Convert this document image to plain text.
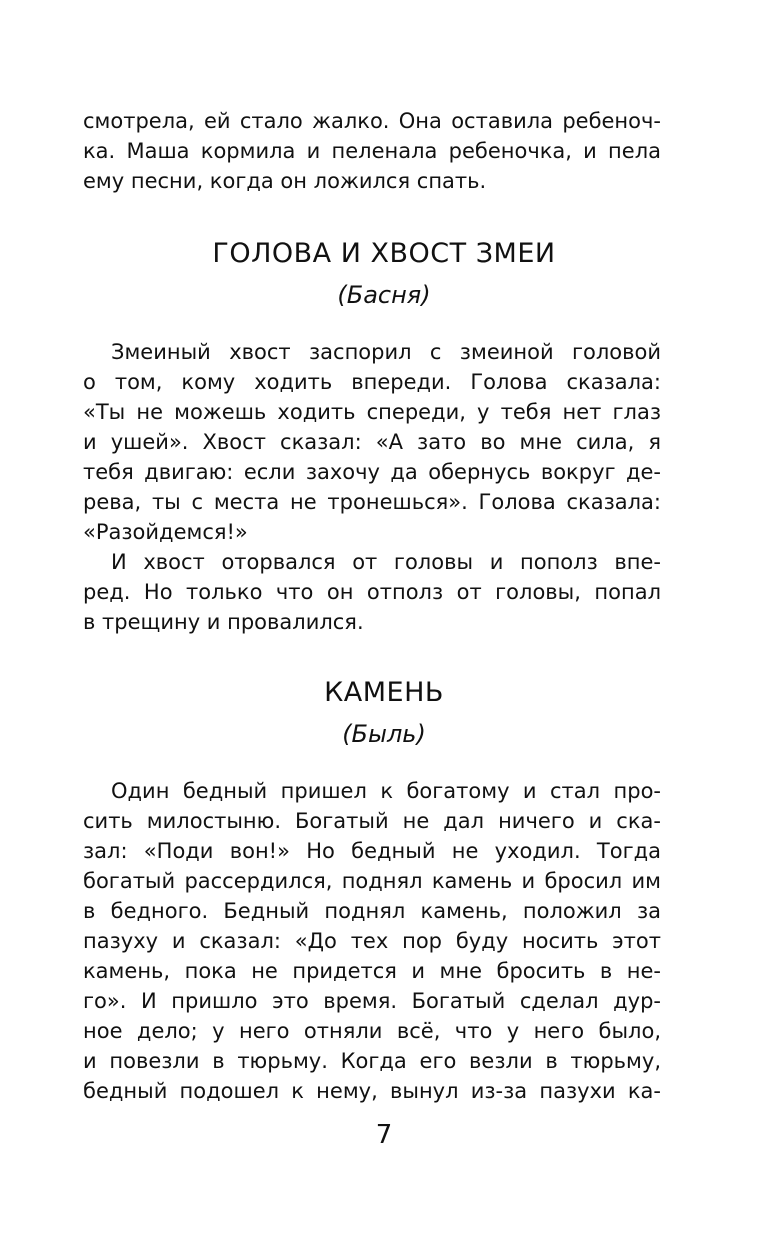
смотрела, ей стало жалко. Она оставила ребеноч-
ка. Маша кормила и пеленала ребеночка, и пела
ему песни, когда он ложился спать.
ГОЛОВА И ХВОСТ ЗМЕИ
(Басня)
Змеиный хвост заспорил с змеиной головой
о том, кому ходить впереди. Голова сказала:
«Ты не можешь ходить спереди, у тебя нет глаз
и ушей». Хвост сказал: «А зато во мне сила, я
тебя двигаю: если захочу да обернусь вокруг де-
рева, ты с места не тронешься». Голова сказала:
«Разойдемся!»
И хвост оторвался от головы и пополз впе-
ред. Но только что он отполз от головы, попал
в трещину и провалился.
КАМЕНЬ
(Быль)
Один бедный пришел к богатому и стал про-
сить милостыню. Богатый не дал ничего и ска-
зал: «Поди вон!» Но бедный не уходил. Тогда
богатый рассердился, поднял камень и бросил им
в бедного. Бедный поднял камень, положил за
пазуху и сказал: «До тех пор буду носить этот
камень, пока не придется и мне бросить в не-
го». И пришло это время. Богатый сделал дур-
ное дело; у него отняли всё, что у него было,
и повезли в тюрьму. Когда его везли в тюрьму,
бедный подошел к нему, вынул из-за пазухи ка-
7
